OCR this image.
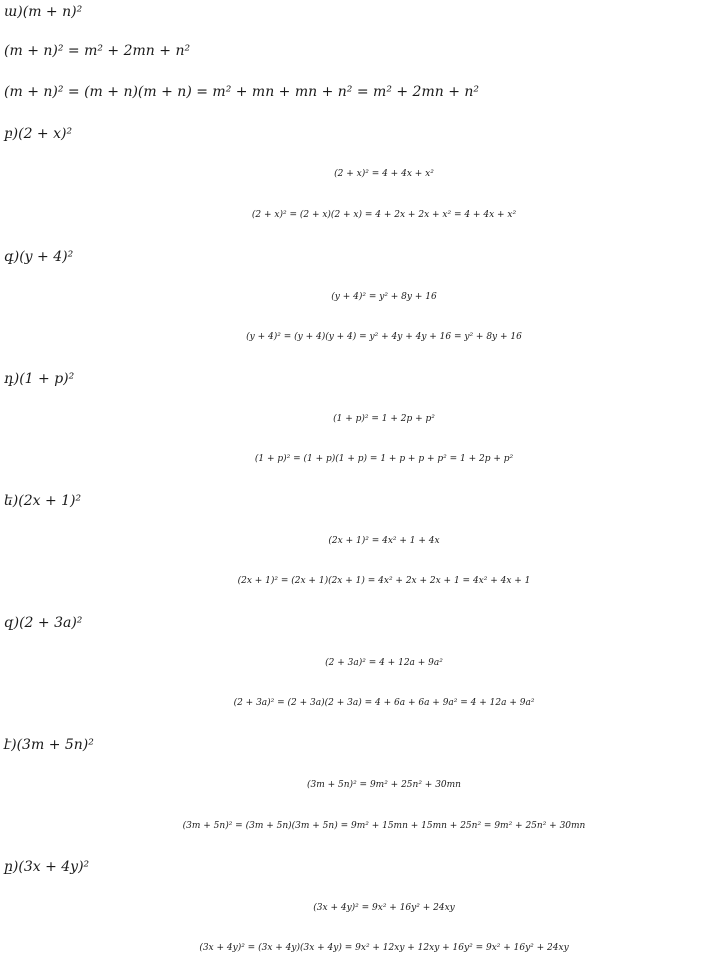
ա)(m + n)²
(m + n)² = m² + 2mn + n²
(m + n)² = (m + n)(m + n) = m² + mn + mn + n² = m² + 2mn + n²
բ)(2 + x)²
(2 + x)² = 4 + 4x + x²
(2 + x)² = (2 + x)(2 + x) = 4 + 2x + 2x + x² = 4 + 4x + x²
գ)(y + 4)²
(y + 4)² = y² + 8y + 16
(y + 4)² = (y + 4)(y + 4) = y² + 4y + 4y + 16 = y² + 8y + 16
դ)(1 + p)²
(1 + p)² = 1 + 2p + p²
(1 + p)² = (1 + p)(1 + p) = 1 + p + p + p² = 1 + 2p + p²
ե)(2x + 1)²
(2x + 1)² = 4x² + 1 + 4x
(2x + 1)² = (2x + 1)(2x + 1) = 4x² + 2x + 2x + 1 = 4x² + 4x + 1
զ)(2 + 3a)²
(2 + 3a)² = 4 + 12a + 9a²
(2 + 3a)² = (2 + 3a)(2 + 3a) = 4 + 6a + 6a + 9a² = 4 + 12a + 9a²
է)(3m + 5n)²
(3m + 5n)² = 9m² + 25n² + 30mn
(3m + 5n)² = (3m + 5n)(3m + 5n) = 9m² + 15mn + 15mn + 25n² = 9m² + 25n² + 30mn
ը)(3x + 4y)²
(3x + 4y)² = 9x² + 16y² + 24xy
(3x + 4y)² = (3x + 4y)(3x + 4y) = 9x² + 12xy + 12xy + 16y² = 9x² + 16y² + 24xy
